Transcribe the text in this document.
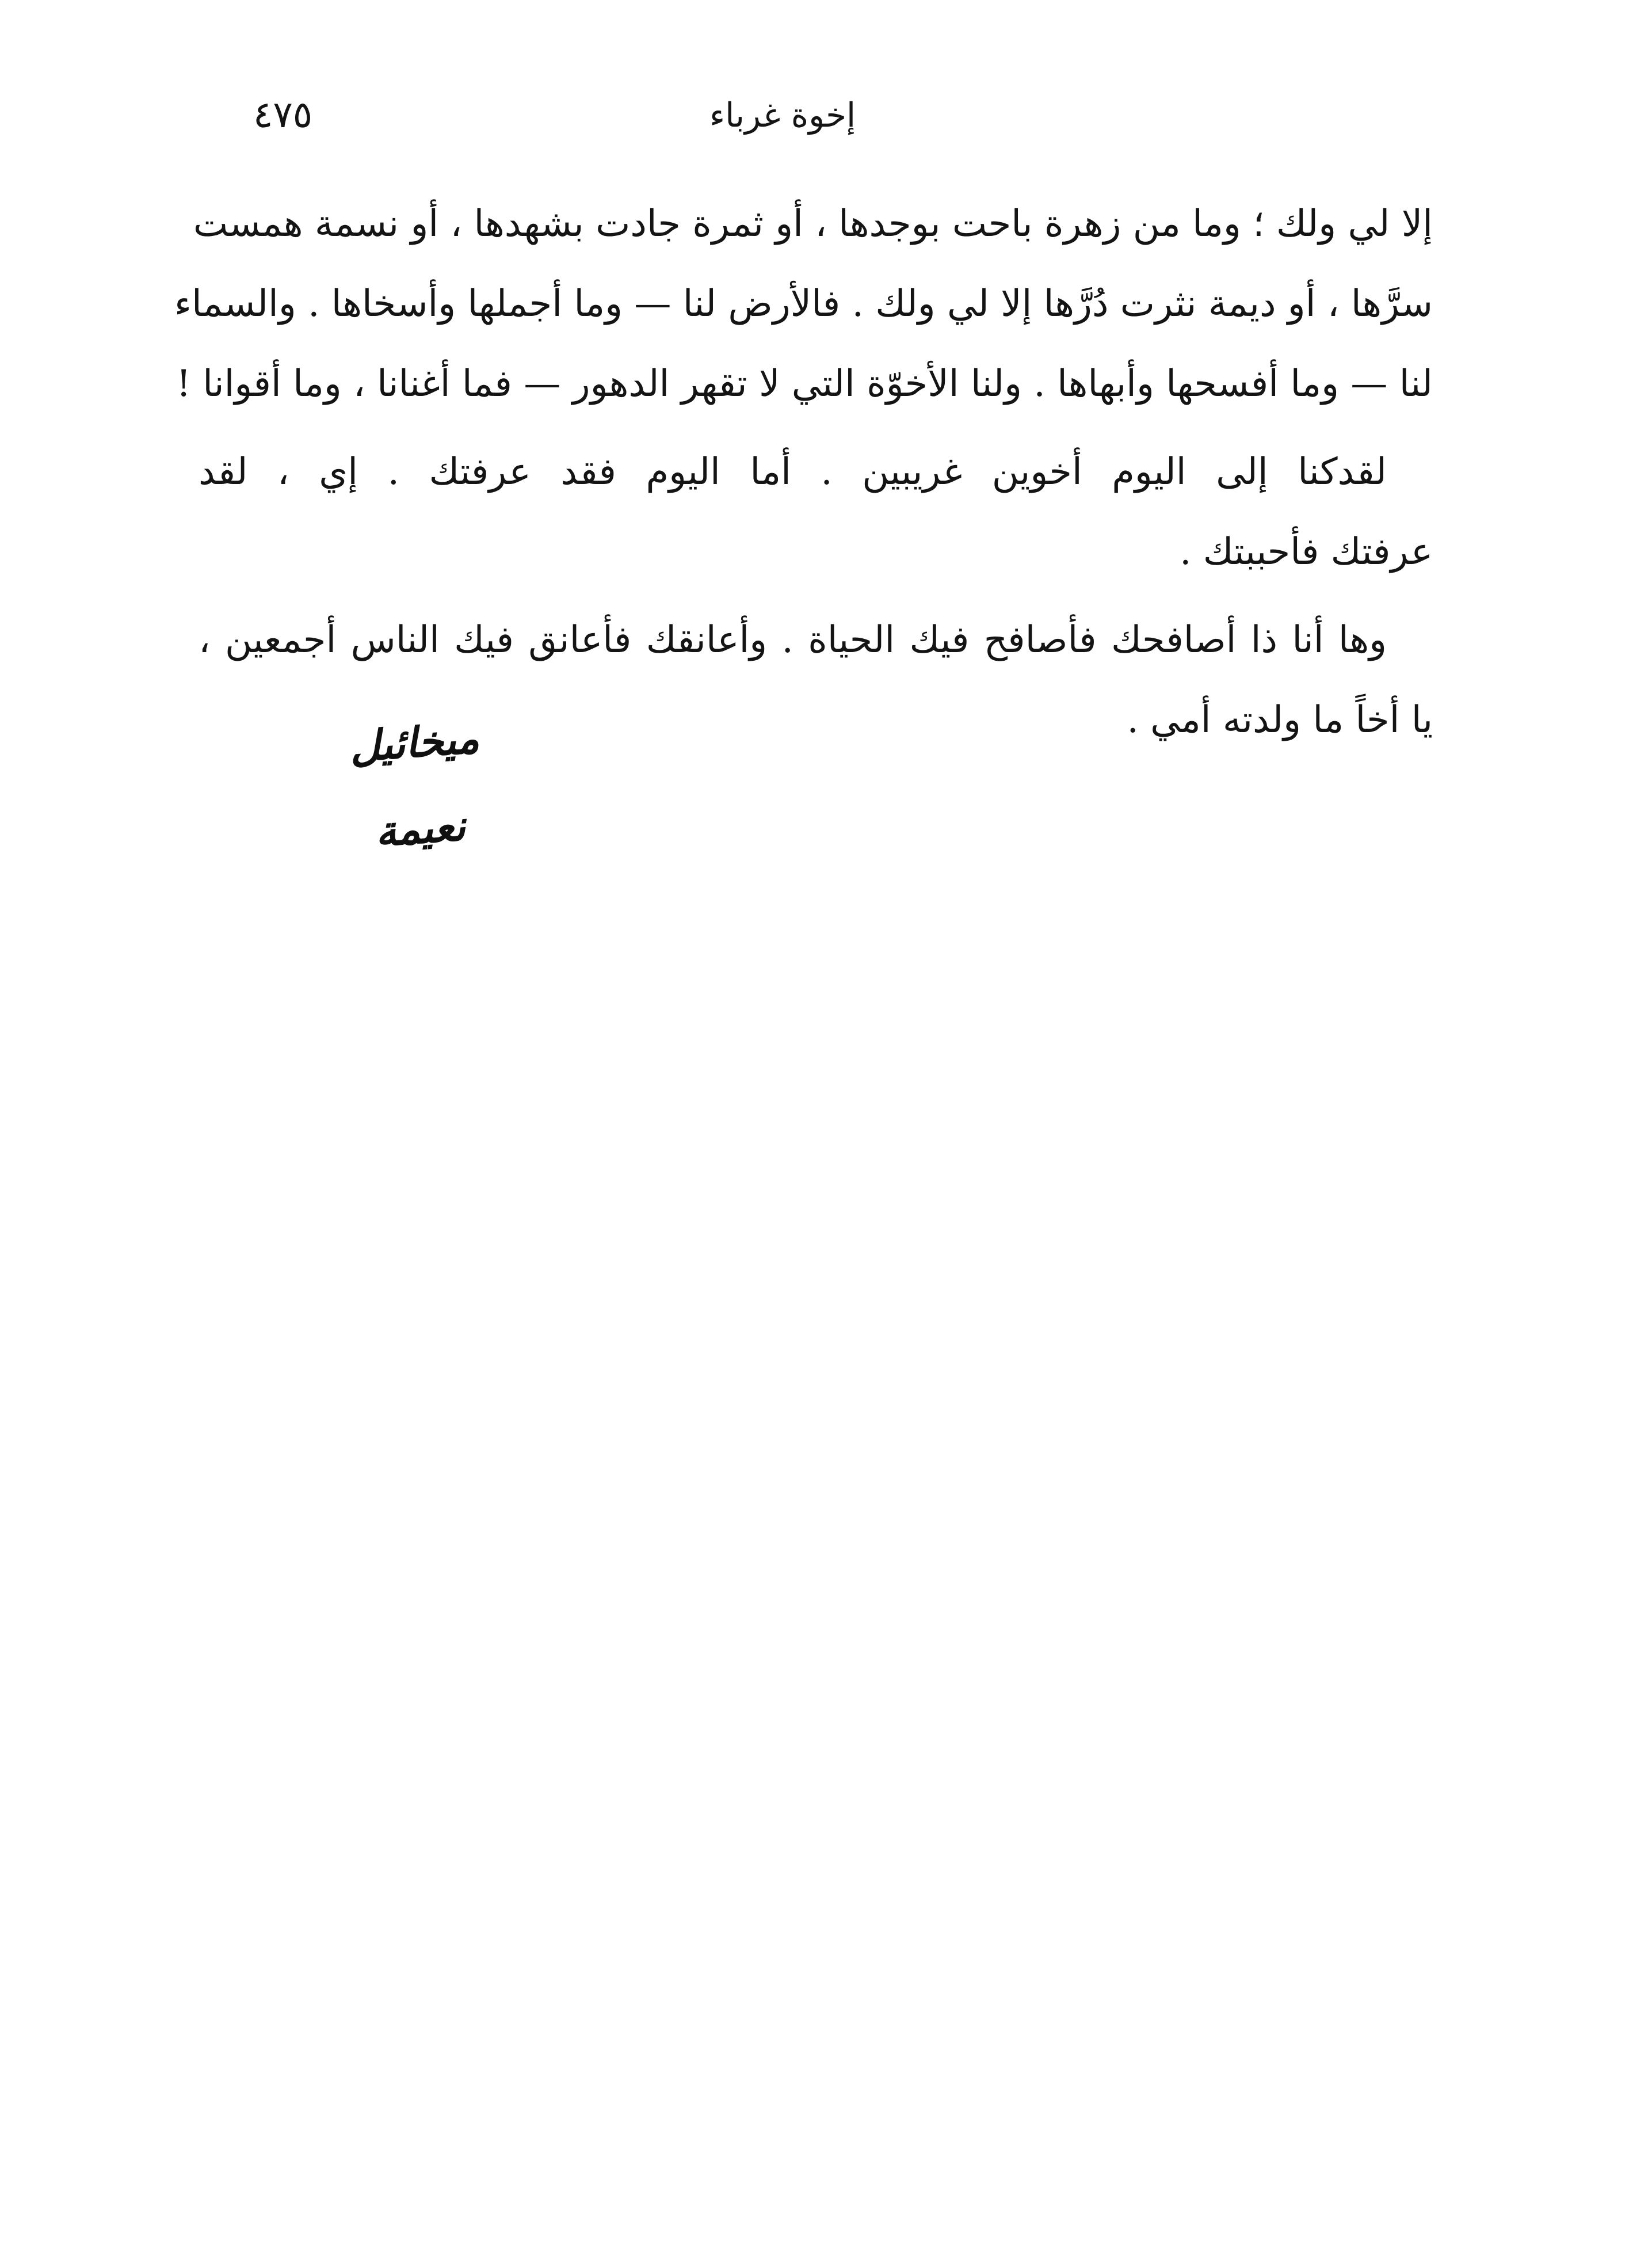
٤٧٥	إخوة غرباء
إلا لي ولك ؛ وما من زهرة باحت بوجدها ، أو ثمرة جادت بشهدها ، أو نسمة همست
سرَّها ، أو ديمة نثرت دُرَّها إلا لي ولك . فالأرض لنا — وما أجملها وأسخاها . والسماء
لنا — وما أفسحها وأبهاها . ولنا الأخوّة التي لا تقهر الدهور — فما أغنانا ، وما أقوانا !
لقدكنا إلى اليوم أخوين غريبين . أما اليوم فقد عرفتك . إي ، لقد
عرفتك فأحببتك .
وها أنا ذا أصافحك فأصافح فيك الحياة . وأعانقك فأعانق فيك الناس أجمعين ،
يا أخاً ما ولدته أمي .
ميخائيل نعيمة
